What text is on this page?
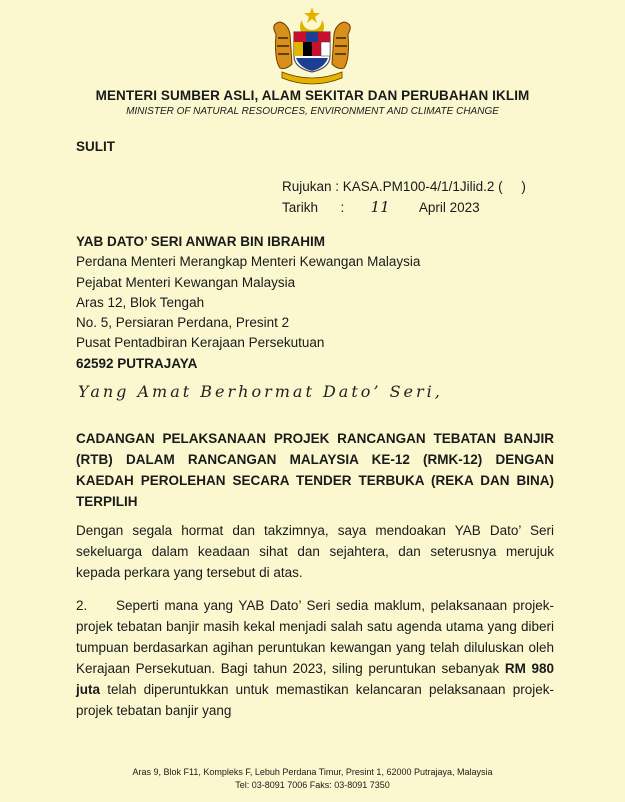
MENTERI SUMBER ASLI, ALAM SEKITAR DAN PERUBAHAN IKLIM
MINISTER OF NATURAL RESOURCES, ENVIRONMENT AND CLIMATE CHANGE
SULIT
Rujukan : KASA.PM100-4/1/1Jilid.2 (     )
Tarikh      :       11 April 2023
YAB DATO’ SERI ANWAR BIN IBRAHIM
Perdana Menteri Merangkap Menteri Kewangan Malaysia
Pejabat Menteri Kewangan Malaysia
Aras 12, Blok Tengah
No. 5, Persiaran Perdana, Presint 2
Pusat Pentadbiran Kerajaan Persekutuan
62592 PUTRAJAYA
Yang Amat Berhormat Dato’ Seri,
CADANGAN PELAKSANAAN PROJEK RANCANGAN TEBATAN BANJIR (RTB) DALAM RANCANGAN MALAYSIA KE-12 (RMK-12) DENGAN KAEDAH PEROLEHAN SECARA TENDER TERBUKA (REKA DAN BINA) TERPILIH
Dengan segala hormat dan takzimnya, saya mendoakan YAB Dato’ Seri sekeluarga dalam keadaan sihat dan sejahtera, dan seterusnya merujuk kepada perkara yang tersebut di atas.
2. Seperti mana yang YAB Dato’ Seri sedia maklum, pelaksanaan projek-projek tebatan banjir masih kekal menjadi salah satu agenda utama yang diberi tumpuan berdasarkan agihan peruntukan kewangan yang telah diluluskan oleh Kerajaan Persekutuan. Bagi tahun 2023, siling peruntukan sebanyak RM 980 juta telah diperuntukkan untuk memastikan kelancaran pelaksanaan projek-projek tebatan banjir yang
Aras 9, Blok F11, Kompleks F, Lebuh Perdana Timur, Presint 1, 62000 Putrajaya, Malaysia
Tel: 03-8091 7006 Faks: 03-8091 7350
